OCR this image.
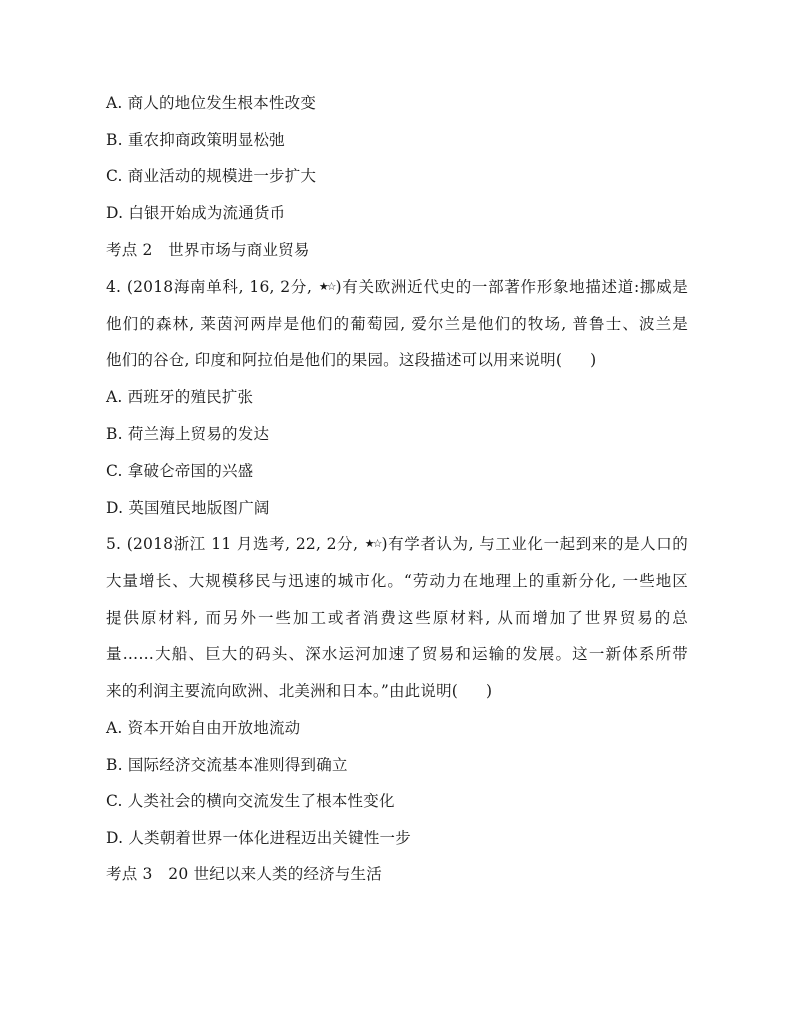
A. 商人的地位发生根本性改变
B. 重农抑商政策明显松弛
C. 商业活动的规模进一步扩大
D. 白银开始成为流通货币
考点 2　世界市场与商业贸易
4. (2018海南单科, 16, 2分, ★☆)有关欧洲近代史的一部著作形象地描述道:挪威是
他们的森林, 莱茵河两岸是他们的葡萄园, 爱尔兰是他们的牧场, 普鲁士、波兰是
他们的谷仓, 印度和阿拉伯是他们的果园。这段描述可以用来说明( )
A. 西班牙的殖民扩张
B. 荷兰海上贸易的发达
C. 拿破仑帝国的兴盛
D. 英国殖民地版图广阔
5. (2018浙江 11 月选考, 22, 2分, ★☆)有学者认为, 与工业化一起到来的是人口的
大量增长、大规模移民与迅速的城市化。“劳动力在地理上的重新分化, 一些地区
提供原材料, 而另外一些加工或者消费这些原材料, 从而增加了世界贸易的总
量……大船、巨大的码头、深水运河加速了贸易和运输的发展。这一新体系所带
来的利润主要流向欧洲、北美洲和日本。”由此说明( )
A. 资本开始自由开放地流动
B. 国际经济交流基本准则得到确立
C. 人类社会的横向交流发生了根本性变化
D. 人类朝着世界一体化进程迈出关键性一步
考点 3　20 世纪以来人类的经济与生活
